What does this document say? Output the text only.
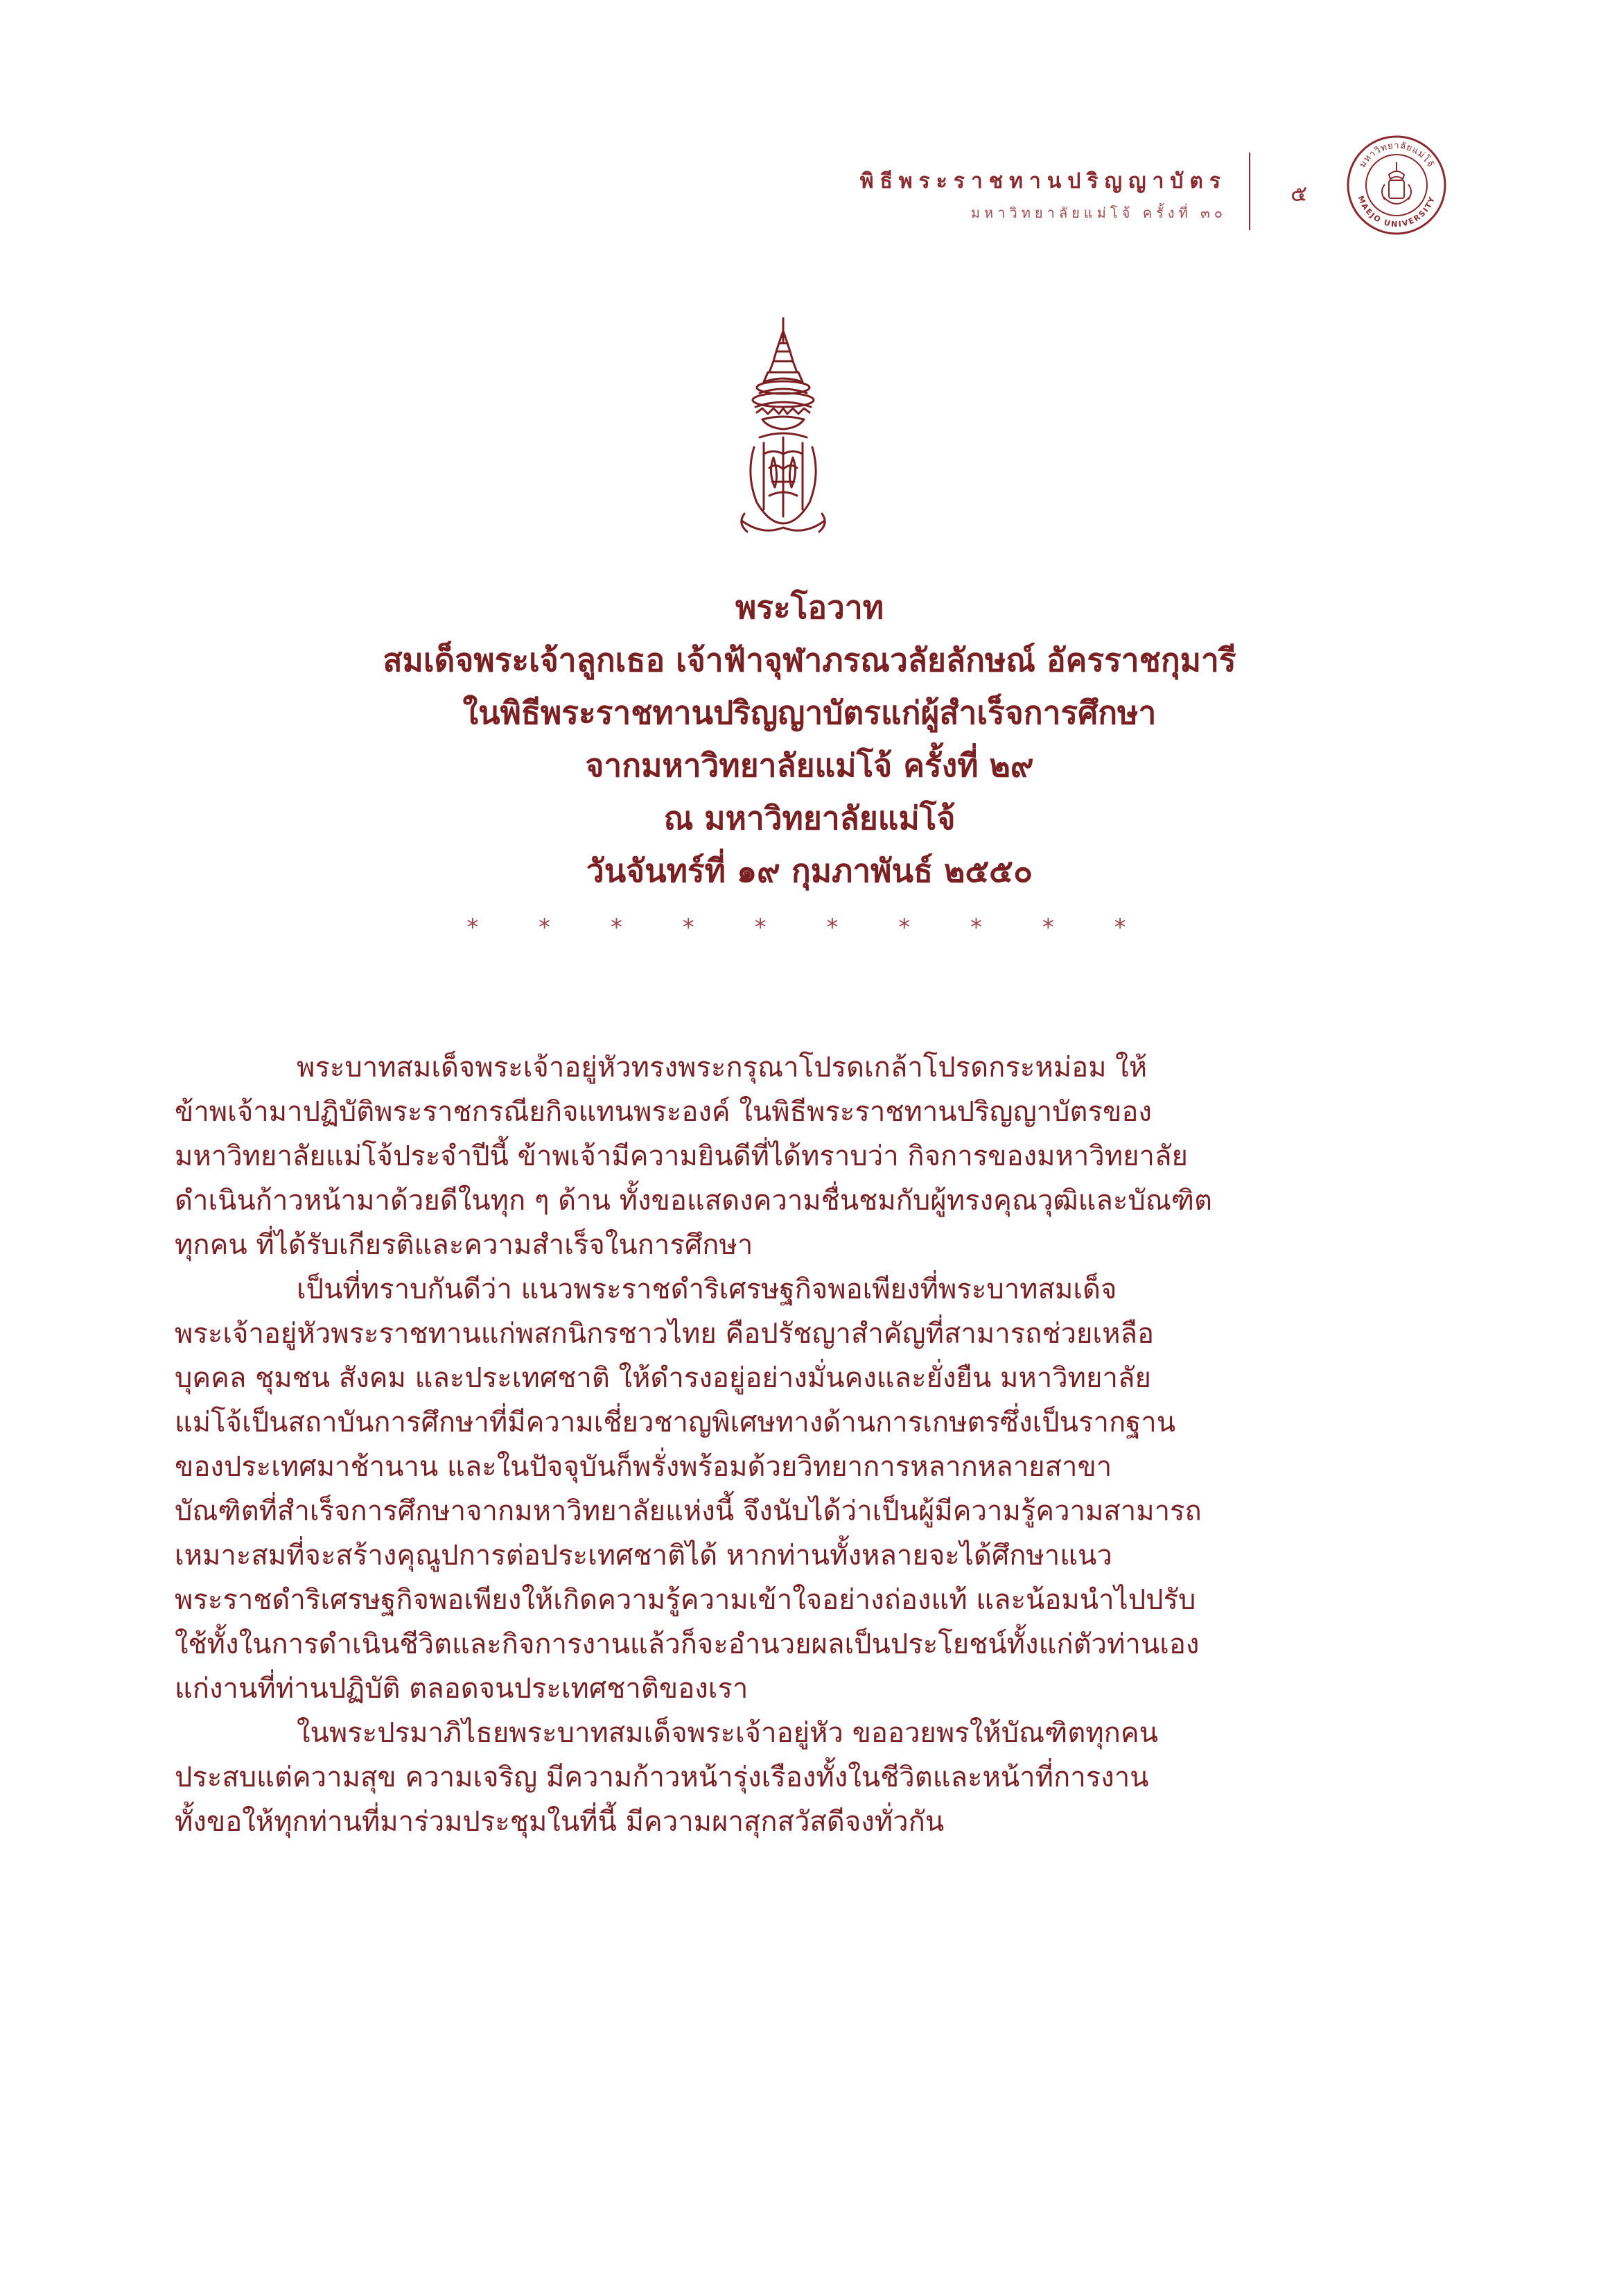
พิธีพระราชทานปริญญาบัตร
มหาวิทยาลัยแม่โจ้ ครั้งที่ ๓๐
๕
มหาวิทยาลัยแม่โจ้
MAEJO UNIVERSITY
พระโอวาท
สมเด็จพระเจ้าลูกเธอ เจ้าฟ้าจุฬาภรณวลัยลักษณ์ อัครราชกุมารี
ในพิธีพระราชทานปริญญาบัตรแก่ผู้สำเร็จการศึกษา
จากมหาวิทยาลัยแม่โจ้ ครั้งที่ ๒๙
ณ มหาวิทยาลัยแม่โจ้
วันจันทร์ที่ ๑๙ กุมภาพันธ์ ๒๕๕๐
* * * * * * * * * *
พระบาทสมเด็จพระเจ้าอยู่หัวทรงพระกรุณาโปรดเกล้าโปรดกระหม่อม ให้
ข้าพเจ้ามาปฏิบัติพระราชกรณียกิจแทนพระองค์ ในพิธีพระราชทานปริญญาบัตรของ
มหาวิทยาลัยแม่โจ้ประจำปีนี้ ข้าพเจ้ามีความยินดีที่ได้ทราบว่า กิจการของมหาวิทยาลัย
ดำเนินก้าวหน้ามาด้วยดีในทุก ๆ ด้าน ทั้งขอแสดงความชื่นชมกับผู้ทรงคุณวุฒิและบัณฑิต
ทุกคน ที่ได้รับเกียรติและความสำเร็จในการศึกษา
เป็นที่ทราบกันดีว่า แนวพระราชดำริเศรษฐกิจพอเพียงที่พระบาทสมเด็จ
พระเจ้าอยู่หัวพระราชทานแก่พสกนิกรชาวไทย คือปรัชญาสำคัญที่สามารถช่วยเหลือ
บุคคล ชุมชน สังคม และประเทศชาติ ให้ดำรงอยู่อย่างมั่นคงและยั่งยืน มหาวิทยาลัย
แม่โจ้เป็นสถาบันการศึกษาที่มีความเชี่ยวชาญพิเศษทางด้านการเกษตรซึ่งเป็นรากฐาน
ของประเทศมาช้านาน และในปัจจุบันก็พรั่งพร้อมด้วยวิทยาการหลากหลายสาขา
บัณฑิตที่สำเร็จการศึกษาจากมหาวิทยาลัยแห่งนี้ จึงนับได้ว่าเป็นผู้มีความรู้ความสามารถ
เหมาะสมที่จะสร้างคุณูปการต่อประเทศชาติได้ หากท่านทั้งหลายจะได้ศึกษาแนว
พระราชดำริเศรษฐกิจพอเพียงให้เกิดความรู้ความเข้าใจอย่างถ่องแท้ และน้อมนำไปปรับ
ใช้ทั้งในการดำเนินชีวิตและกิจการงานแล้วก็จะอำนวยผลเป็นประโยชน์ทั้งแก่ตัวท่านเอง
แก่งานที่ท่านปฏิบัติ ตลอดจนประเทศชาติของเรา
ในพระปรมาภิไธยพระบาทสมเด็จพระเจ้าอยู่หัว ขออวยพรให้บัณฑิตทุกคน
ประสบแต่ความสุข ความเจริญ มีความก้าวหน้ารุ่งเรืองทั้งในชีวิตและหน้าที่การงาน
ทั้งขอให้ทุกท่านที่มาร่วมประชุมในที่นี้ มีความผาสุกสวัสดีจงทั่วกัน
